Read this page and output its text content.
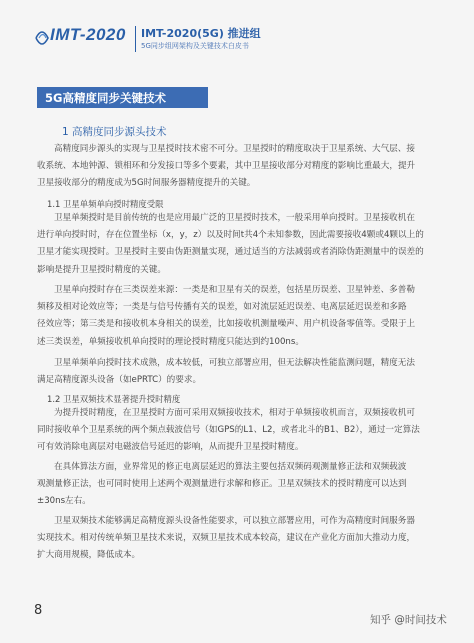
IMT-2020 IMT-2020(5G) 推进组
5G同步组网架构及关键技术白皮书
5G高精度同步关键技术
1 高精度同步源头技术
高精度同步源头的实现与卫星授时技术密不可分。卫星授时的精度取决于卫星系统、大气层、接
收系统、本地钟源、锁相环和分发接口等多个要素，其中卫星接收部分对精度的影响比重最大，提升
卫星接收部分的精度成为5G时间服务器精度提升的关键。
1.1 卫星单频单向授时精度受限
卫星单频授时是目前传统的也是应用最广泛的卫星授时技术，一般采用单向授时。卫星接收机在
进行单向授时时，存在位置坐标（x，y，z）以及时间t共4个未知参数，因此需要接收4颗或4颗以上的
卫星才能实现授时。卫星授时主要由伪距测量实现，通过适当的方法减弱或者消除伪距测量中的误差的
影响是提升卫星授时精度的关键。
卫星单向授时存在三类误差来源：一类是和卫星有关的误差，包括星历误差、卫星钟差、多普勒
频移及相对论效应等；一类是与信号传播有关的误差，如对流层延迟误差、电离层延迟误差和多路
径效应等；第三类是和接收机本身相关的误差，比如接收机测量噪声、用户机设备零值等。受限于上
述三类误差，单频接收机单向授时的理论授时精度只能达到约100ns。
卫星单频单向授时技术成熟，成本较低，可独立部署应用，但无法解决性能监测问题，精度无法
满足高精度源头设备（如ePRTC）的要求。
1.2 卫星双频技术显著提升授时精度
为提升授时精度，在卫星授时方面可采用双频接收技术，相对于单频接收机而言，双频接收机可
同时接收单个卫星系统的两个频点载波信号（如GPS的L1、L2，或者北斗的B1、B2），通过一定算法
可有效消除电离层对电磁波信号延迟的影响，从而提升卫星授时精度。
在具体算法方面，业界常见的修正电离层延迟的算法主要包括双频码观测量修正法和双频载波
观测量修正法，也可同时使用上述两个观测量进行求解和修正。卫星双频技术的授时精度可以达到
±30ns左右。
卫星双频技术能够满足高精度源头设备性能要求，可以独立部署应用，可作为高精度时间服务器
实现技术。相对传统单频卫星技术来说，双频卫星技术成本较高，建议在产业化方面加大推动力度，
扩大商用规模，降低成本。
8
知乎 @时间技术
